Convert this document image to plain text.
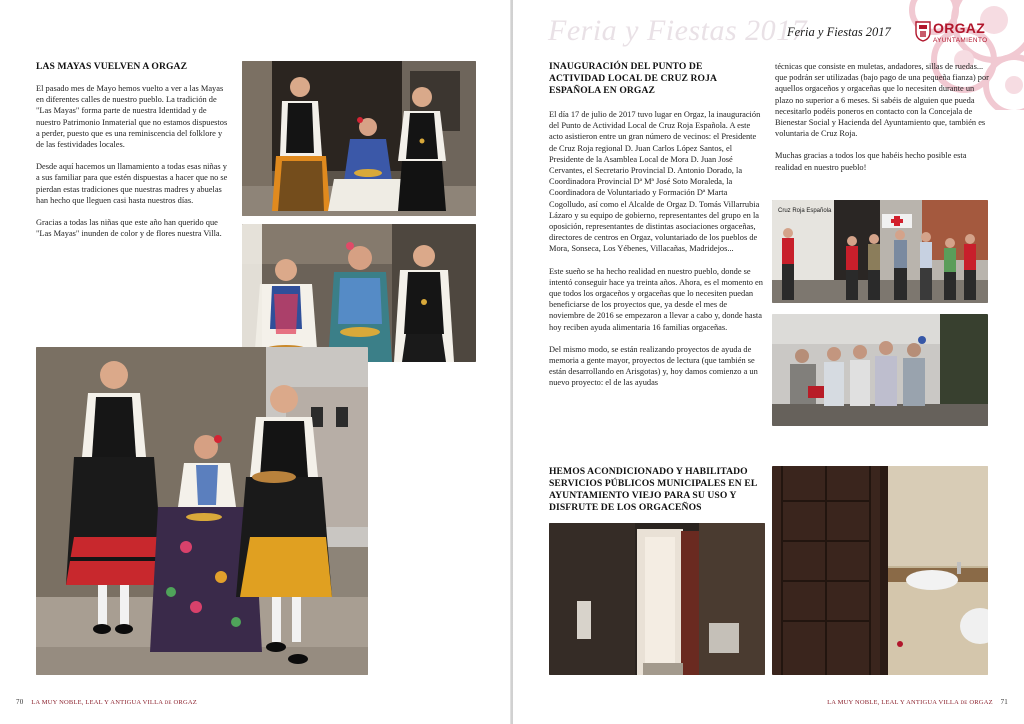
LAS MAYAS VUELVEN A ORGAZ

El pasado mes de Mayo hemos vuelto a ver a las Mayas en diferentes calles de nuestro pueblo. La tradición de "Las Mayas" forma parte de nuestra Identidad y de nuestro Patrimonio Inmaterial que no estamos dispuestos a perder, puesto que es una reminiscencia del folklore y de las festividades locales.

Desde aquí hacemos un llamamiento a todas esas niñas y a sus familiar para que estén dispuestas a hacer que no se pierdan estas tradiciones que nuestras madres y abuelas han hecho que lleguen casi hasta nuestros días.

Gracias a todas las niñas que este año han querido que "Las Mayas" inunden de color y de flores nuestra Villa.

70 LA MUY NOBLE, LEAL Y ANTIGUA VILLA DE ORGAZ
Feria y Fiestas 2017
Feria y Fiestas 2017	ORGAZ
AYUNTAMIENTO
INAUGURACIÓN DEL PUNTO DE ACTIVIDAD LOCAL DE CRUZ ROJA ESPAÑOLA EN ORGAZ

El día 17 de julio de 2017 tuvo lugar en Orgaz, la inauguración del Punto de Actividad Local de Cruz Roja Española. A este acto asistieron entre un gran número de vecinos: el Presidente de Cruz Roja regional D. Juan Carlos López Santos, el Presidente de la Asamblea Local de Mora D. Juan José Cervantes, el Secretario Provincial D. Antonio Dorado, la Coordinadora Provincial Dª Mª José Soto Moraleda, la Coordinadora de Voluntariado y Formación Dª Marta Cogolludo, así como el Alcalde de Orgaz D. Tomás Villarrubia Lázaro y su equipo de gobierno, representantes del grupo en la oposición, representantes de distintas asociaciones orgaceñas, directores de centros en Orgaz, voluntariado de los pueblos de Mora, Sonseca, Los Yébenes, Villacañas, Madridejos...

Este sueño se ha hecho realidad en nuestro pueblo, donde se intentó conseguir hace ya treinta años. Ahora, es el momento en que todos los orgaceños y orgaceñas que lo necesiten puedan beneficiarse de los proyectos que, ya desde el mes de noviembre de 2016 se empezaron a llevar a cabo y, donde hasta hoy reciben ayuda alimentaria 16 familias orgaceñas.

Del mismo modo, se están realizando proyectos de ayuda de memoria a gente mayor, proyectos de lectura (que también se están desarrollando en Arisgotas) y, hoy damos comienzo a un nuevo proyecto: el de las ayudas

técnicas que consiste en muletas, andadores, sillas de ruedas... que podrán ser utilizadas (bajo pago de una pequeña fianza) por aquellos orgaceños y orgaceñas que lo necesiten durante un plazo no superior a 6 meses. Si sabéis de alguien que pueda necesitarlo podéis poneros en contacto con la Concejala de Bienestar Social y Hacienda del Ayuntamiento que, también es voluntaria de Cruz Roja.

Muchas gracias a todos los que habéis hecho posible esta realidad en nuestro pueblo!

Cruz Roja Española
HEMOS ACONDICIONADO Y HABILITADO SERVICIOS PÚBLICOS MUNICIPALES EN EL AYUNTAMIENTO VIEJO PARA SU USO Y DISFRUTE DE LOS ORGACEÑOS
LA MUY NOBLE, LEAL Y ANTIGUA VILLA DE ORGAZ 71
